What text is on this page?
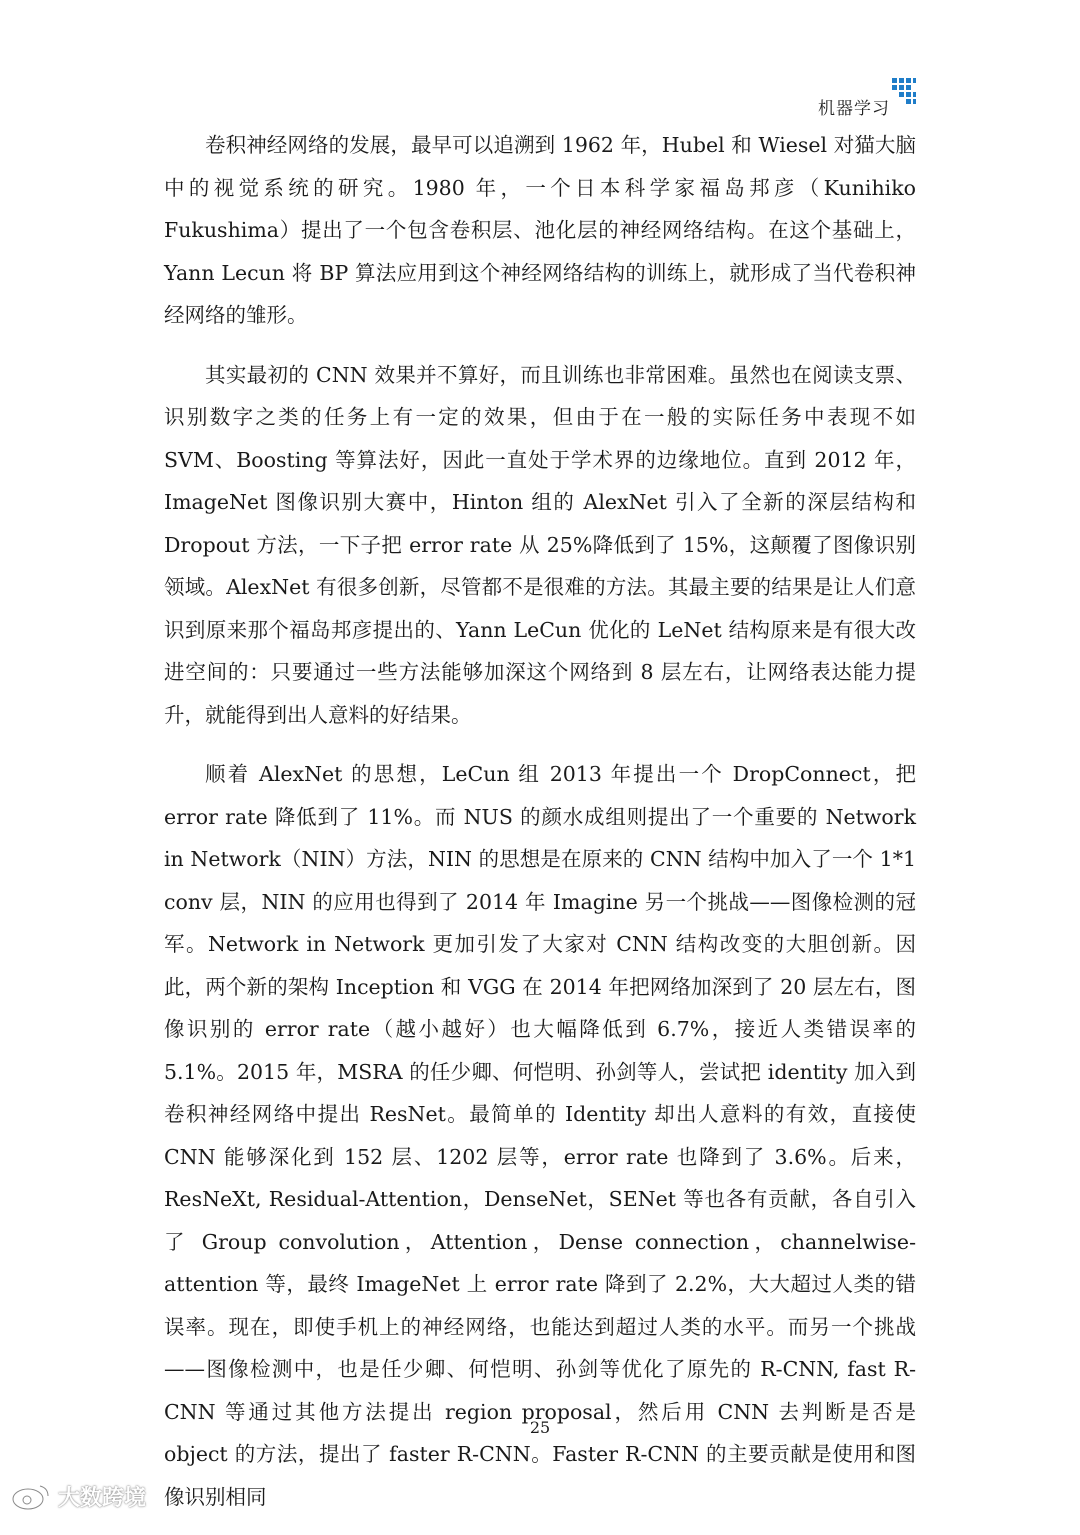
机器学习

卷积神经网络的发展，最早可以追溯到 1962 年，Hubel 和 Wiesel 对猫大脑中的视觉系统的研究。1980 年，一个日本科学家福岛邦彦（Kunihiko Fukushima）提出了一个包含卷积层、池化层的神经网络结构。在这个基础上，Yann Lecun 将 BP 算法应用到这个神经网络结构的训练上，就形成了当代卷积神经网络的雏形。

其实最初的 CNN 效果并不算好，而且训练也非常困难。虽然也在阅读支票、识别数字之类的任务上有一定的效果，但由于在一般的实际任务中表现不如 SVM、Boosting 等算法好，因此一直处于学术界的边缘地位。直到 2012 年，ImageNet 图像识别大赛中，Hinton 组的 AlexNet 引入了全新的深层结构和 Dropout 方法，一下子把 error rate 从 25%降低到了 15%，这颠覆了图像识别领域。AlexNet 有很多创新，尽管都不是很难的方法。其最主要的结果是让人们意识到原来那个福岛邦彦提出的、Yann LeCun 优化的 LeNet 结构原来是有很大改进空间的：只要通过一些方法能够加深这个网络到 8 层左右，让网络表达能力提升，就能得到出人意料的好结果。

顺着 AlexNet 的思想，LeCun 组 2013 年提出一个 DropConnect，把 error rate 降低到了 11%。而 NUS 的颜水成组则提出了一个重要的 Network in Network（NIN）方法，NIN 的思想是在原来的 CNN 结构中加入了一个 1*1 conv 层，NIN 的应用也得到了 2014 年 Imagine 另一个挑战——图像检测的冠军。Network in Network 更加引发了大家对 CNN 结构改变的大胆创新。因此，两个新的架构 Inception 和 VGG 在 2014 年把网络加深到了 20 层左右，图像识别的 error rate（越小越好）也大幅降低到 6.7%，接近人类错误率的 5.1%。2015 年，MSRA 的任少卿、何恺明、孙剑等人，尝试把 identity 加入到卷积神经网络中提出 ResNet。最简单的 Identity 却出人意料的有效，直接使 CNN 能够深化到 152 层、1202 层等，error rate 也降到了 3.6%。后来，ResNeXt, Residual-Attention，DenseNet，SENet 等也各有贡献，各自引入了 Group convolution，Attention，Dense connection，channelwise-attention 等，最终 ImageNet 上 error rate 降到了 2.2%，大大超过人类的错误率。现在，即使手机上的神经网络，也能达到超过人类的水平。而另一个挑战——图像检测中，也是任少卿、何恺明、孙剑等优化了原先的 R-CNN, fast R-CNN 等通过其他方法提出 region proposal，然后用 CNN 去判断是否是 object 的方法，提出了 faster R-CNN。Faster R-CNN 的主要贡献是使用和图像识别相同

25
大数跨境
